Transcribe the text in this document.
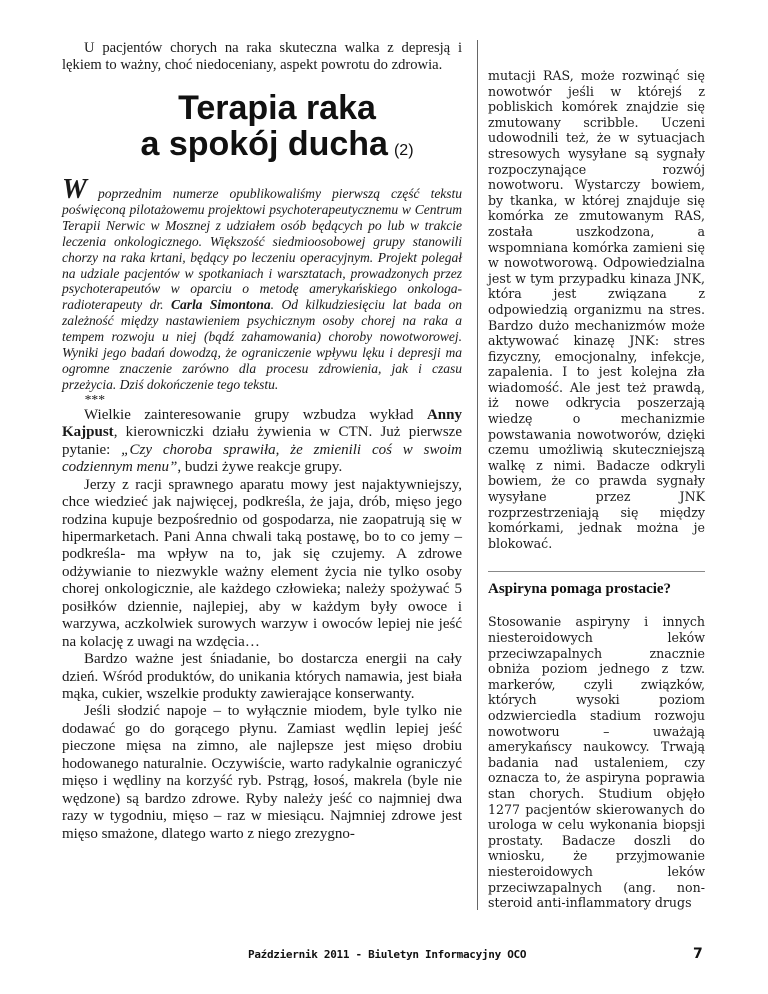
U pacjentów chorych na raka skuteczna walka z depresją i lękiem to ważny, choć niedoceniany, aspekt powrotu do zdrowia.

Terapia raka
a spokój ducha (2)

W poprzednim numerze opublikowaliśmy pierwszą część tekstu poświęconą pilotażowemu projektowi psychoterapeutycznemu w Centrum Terapii Nerwic w Mosznej z udziałem osób będących po lub w trakcie leczenia onkologicznego. Większość siedmioosobowej grupy stanowili chorzy na raka krtani, będący po leczeniu operacyjnym. Projekt polegał na udziale pacjentów w spotkaniach i warsztatach, prowadzonych przez psychoterapeutów w oparciu o metodę amerykańskiego onkologa-radioterapeuty dr. Carla Simontona. Od kilkudziesięciu lat bada on zależność między nastawieniem psychicznym osoby chorej na raka a tempem rozwoju u niej (bądź zahamowania) choroby nowotworowej. Wyniki jego badań dowodzą, że ograniczenie wpływu lęku i depresji ma ogromne znaczenie zarówno dla procesu zdrowienia, jak i czasu przeżycia. Dziś dokończenie tego tekstu.

***

Wielkie zainteresowanie grupy wzbudza wykład Anny Kajpust, kierowniczki działu żywienia w CTN. Już pierwsze pytanie: „Czy choroba sprawiła, że zmienili coś w swoim codziennym menu”, budzi żywe reakcje grupy.

Jerzy z racji sprawnego aparatu mowy jest najaktywniejszy, chce wiedzieć jak najwięcej, podkreśla, że jaja, drób, mięso jego rodzina kupuje bezpośrednio od gospodarza, nie zaopatrują się w hipermarketach. Pani Anna chwali taką postawę, bo to co jemy – podkreśla- ma wpływ na to, jak się czujemy. A zdrowe odżywianie to niezwykle ważny element życia nie tylko osoby chorej onkologicznie, ale każdego człowieka; należy spożywać 5 posiłków dziennie, najlepiej, aby w każdym były owoce i warzywa, aczkolwiek surowych warzyw i owoców lepiej nie jeść na kolację z uwagi na wzdęcia…

Bardzo ważne jest śniadanie, bo dostarcza energii na cały dzień. Wśród produktów, do unikania których namawia, jest biała mąka, cukier, wszelkie produkty zawierające konserwanty.

Jeśli słodzić napoje – to wyłącznie miodem, byle tylko nie dodawać go do gorącego płynu. Zamiast wędlin lepiej jeść pieczone mięsa na zimno, ale najlepsze jest mięso drobiu hodowanego naturalnie. Oczywiście, warto radykalnie ograniczyć mięso i wędliny na korzyść ryb. Pstrąg, łosoś, makrela (byle nie wędzone) są bardzo zdrowe. Ryby należy jeść co najmniej dwa razy w tygodniu, mięso – raz w miesiącu. Najmniej zdrowe jest mięso smażone, dlatego warto z niego zrezygno-

mutacji RAS, może rozwinąć się nowotwór jeśli w którejś z pobliskich komórek znajdzie się zmutowany scribble. Uczeni udowodnili też, że w sytuacjach stresowych wysyłane są sygnały rozpoczynające rozwój nowotworu. Wystarczy bowiem, by tkanka, w której znajduje się komórka ze zmutowanym RAS, została uszkodzona, a wspomniana komórka zamieni się w nowotworową. Odpowiedzialna jest w tym przypadku kinaza JNK, która jest związana z odpowiedzią organizmu na stres. Bardzo dużo mechanizmów może aktywować kinazę JNK: stres fizyczny, emocjonalny, infekcje, zapalenia. I to jest kolejna zła wiadomość. Ale jest też prawdą, iż nowe odkrycia poszerzają wiedzę o mechanizmie powstawania nowotworów, dzięki czemu umożliwią skuteczniejszą walkę z nimi. Badacze odkryli bowiem, że co prawda sygnały wysyłane przez JNK rozprzestrzeniają się między komórkami, jednak można je blokować.

Aspiryna pomaga prostacie?

Stosowanie aspiryny i innych niesteroidowych leków przeciwzapalnych znacznie obniża poziom jednego z tzw. markerów, czyli związków, których wysoki poziom odzwierciedla stadium rozwoju nowotworu – uważają amerykańscy naukowcy. Trwają badania nad ustaleniem, czy oznacza to, że aspiryna poprawia stan chorych. Studium objęło 1277 pacjentów skierowanych do urologa w celu wykonania biopsji prostaty. Badacze doszli do wniosku, że przyjmowanie niesteroidowych leków przeciwzapalnych (ang. non-steroid anti-inflammatory drugs

Październik 2011 - Biuletyn Informacyjny OCO	7
